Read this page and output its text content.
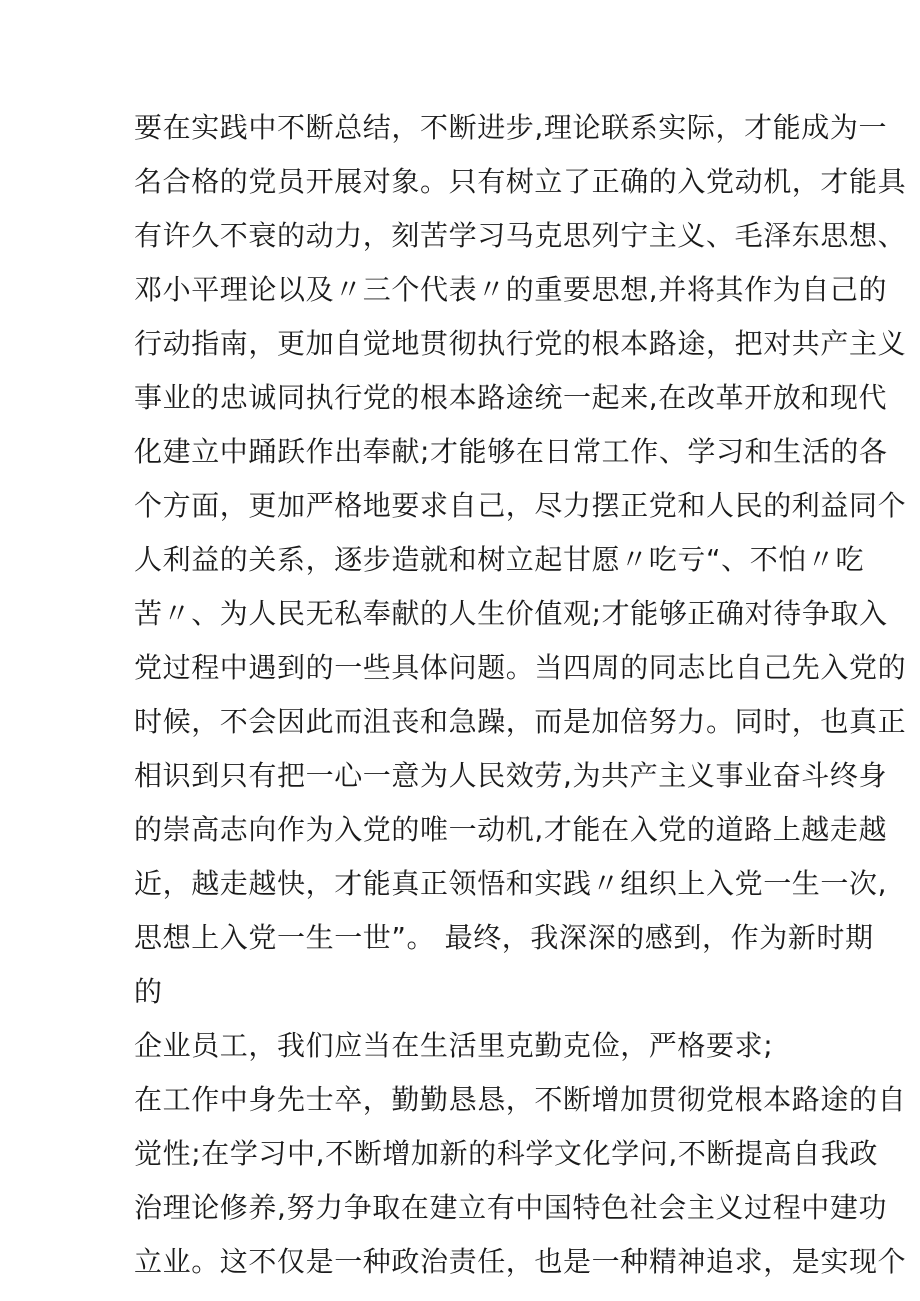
要在实践中不断总结，不断进步,理论联系实际，才能成为一
名合格的党员开展对象。只有树立了正确的入党动机，才能具
有许久不衰的动力，刻苦学习马克思列宁主义、毛泽东思想、
邓小平理论以及〃三个代表〃的重要思想,并将其作为自己的
行动指南，更加自觉地贯彻执行党的根本路途，把对共产主义
事业的忠诚同执行党的根本路途统一起来,在改革开放和现代
化建立中踊跃作出奉献;才能够在日常工作、学习和生活的各
个方面，更加严格地要求自己，尽力摆正党和人民的利益同个
人利益的关系，逐步造就和树立起甘愿〃吃亏“、不怕〃吃
苦〃、为人民无私奉献的人生价值观;才能够正确对待争取入
党过程中遇到的一些具体问题。当四周的同志比自己先入党的
时候，不会因此而沮丧和急躁，而是加倍努力。同时，也真正
相识到只有把一心一意为人民效劳,为共产主义事业奋斗终身
的崇高志向作为入党的唯一动机,才能在入党的道路上越走越
近，越走越快，才能真正领悟和实践〃组织上入党一生一次,
思想上入党一生一世”。 最终，我深深的感到，作为新时期
的
企业员工，我们应当在生活里克勤克俭，严格要求;
在工作中身先士卒，勤勤恳恳，不断增加贯彻党根本路途的自
觉性;在学习中,不断增加新的科学文化学问,不断提高自我政
治理论修养,努力争取在建立有中国特色社会主义过程中建功
立业。这不仅是一种政治责任，也是一种精神追求，是实现个
